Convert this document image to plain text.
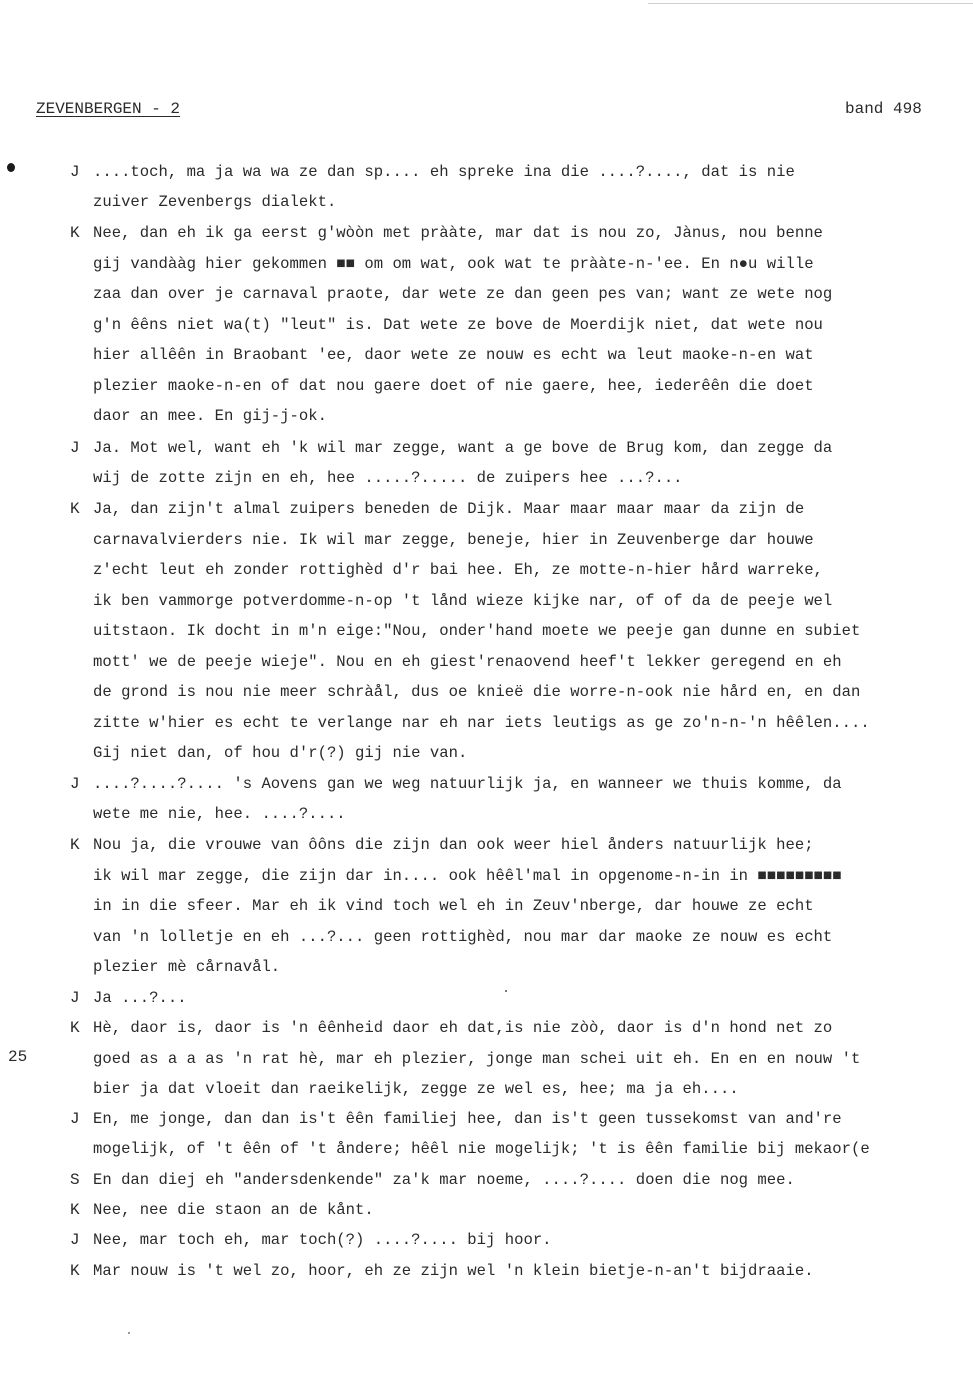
ZEVENBERGEN - 2	band 498
25
J ....toch, ma ja wa wa ze dan sp.... eh spreke ina die ....?...., dat is nie
zuiver Zevenbergs dialekt.
K Nee, dan eh ik ga eerst g'wòòn met prààte, mar dat is nou zo, Jànus, nou benne
gij vandààg hier gekommen ■■ om om wat, ook wat te prààte-n-'ee. En n●u wille
zaa dan over je carnaval praote, dar wete ze dan geen pes van; want ze wete nog
g'n êêns niet wa(t) "leut" is. Dat wete ze bove de Moerdijk niet, dat wete nou
hier allêên in Braobant 'ee, daor wete ze nouw es echt wa leut maoke-n-en wat
plezier maoke-n-en of dat nou gaere doet of nie gaere, hee, iederêên die doet
daor an mee. En gij-j-ok.
J Ja. Mot wel, want eh 'k wil mar zegge, want a ge bove de Brug kom, dan zegge da
wij de zotte zijn en eh, hee .....?..... de zuipers hee ...?...
K Ja, dan zijn't almal zuipers beneden de Dijk. Maar maar maar maar da zijn de
carnavalvierders nie. Ik wil mar zegge, beneje, hier in Zeuvenberge dar houwe
z'echt leut eh zonder rottighèd d'r bai hee. Eh, ze motte-n-hier hård warreke,
ik ben vammorge potverdomme-n-op 't lånd wieze kijke nar, of of da de peeje wel
uitstaon. Ik docht in m'n eige:"Nou, onder'hand moete we peeje gan dunne en subiet
mott' we de peeje wieje". Nou en eh giest'renaovend heef't lekker geregend en eh
de grond is nou nie meer schràål, dus oe knieë die worre-n-ook nie hård en, en dan
zitte w'hier es echt te verlange nar eh nar iets leutigs as ge zo'n-n-'n hêêlen....
Gij niet dan, of hou d'r(?) gij nie van.
J ....?....?.... 's Aovens gan we weg natuurlijk ja, en wanneer we thuis komme, da
wete me nie, hee. ....?....
K Nou ja, die vrouwe van ôôns die zijn dan ook weer hiel ånders natuurlijk hee;
ik wil mar zegge, die zijn dar in.... ook hêêl'mal in opgenome-n-in in ■■■■■■■■■
in in die sfeer. Mar eh ik vind toch wel eh in Zeuv'nberge, dar houwe ze echt
van 'n lolletje en eh ...?... geen rottighèd, nou mar dar maoke ze nouw es echt
plezier mè cårnavål.
J Ja ...?...
K Hè, daor is, daor is 'n êênheid daor eh dat,is nie zòò, daor is d'n hond net zo
goed as a a as 'n rat hè, mar eh plezier, jonge man schei uit eh. En en en nouw 't
bier ja dat vloeit dan raeikelijk, zegge ze wel es, hee; ma ja eh....
J En, me jonge, dan dan is't êên familiej hee, dan is't geen tussekomst van and're
mogelijk, of 't êên of 't åndere; hêêl nie mogelijk; 't is êên familie bij mekaor(e
S En dan diej eh "andersdenkende" za'k mar noeme, ....?.... doen die nog mee.
K Nee, nee die staon an de kånt.
J Nee, mar toch eh, mar toch(?) ....?.... bij hoor.
K Mar nouw is 't wel zo, hoor, eh ze zijn wel 'n klein bietje-n-an't bijdraaie.
